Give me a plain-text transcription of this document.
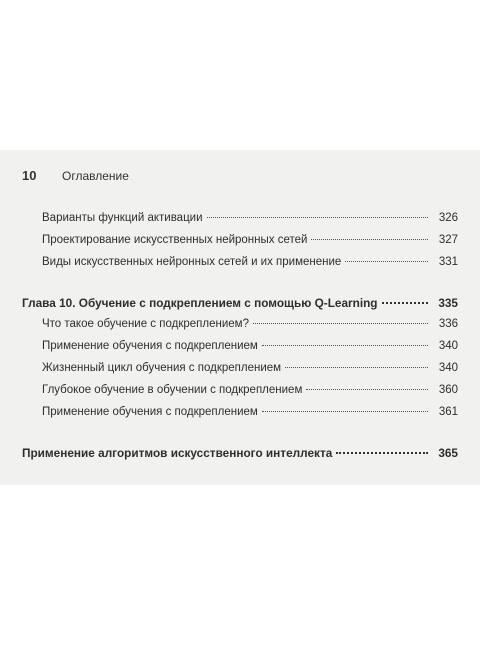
10	Оглавление
Варианты функций активации	326
Проектирование искусственных нейронных сетей	327
Виды искусственных нейронных сетей и их применение	331
Глава 10. Обучение с подкреплением с помощью Q-Learning	335
Что такое обучение с подкреплением?	336
Применение обучения с подкреплением	340
Жизненный цикл обучения с подкреплением	340
Глубокое обучение в обучении с подкреплением	360
Применение обучения с подкреплением	361
Применение алгоритмов искусственного интеллекта	365
